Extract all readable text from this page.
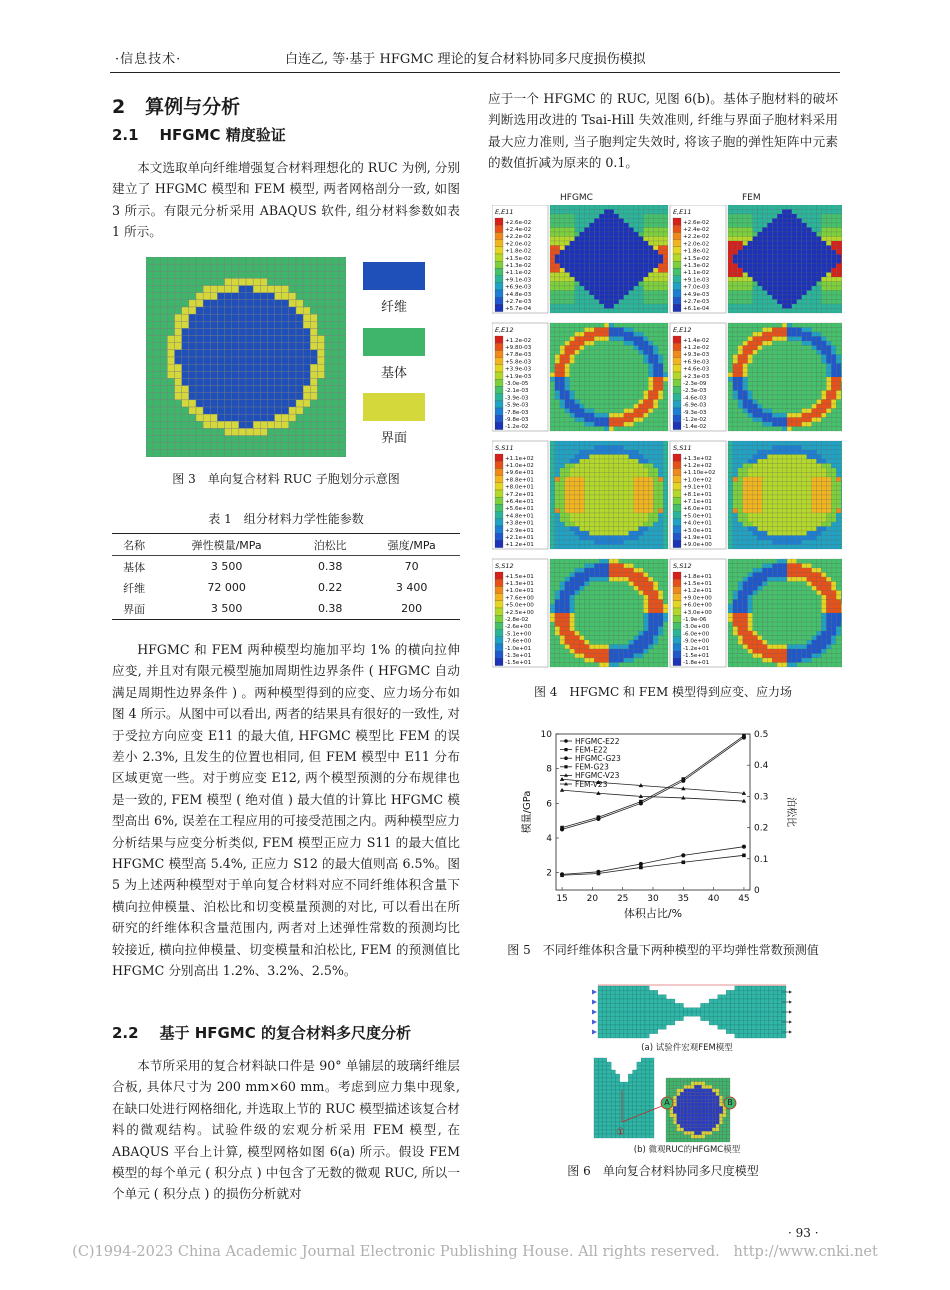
·信息技术·	白连乙, 等·基于 HFGMC 理论的复合材料协同多尺度损伤模拟
2 算例与分析
2.1 HFGMC 精度验证

本文选取单向纤维增强复合材料理想化的 RUC 为例, 分别建立了 HFGMC 模型和 FEM 模型, 两者网格剖分一致, 如图 3 所示。有限元分析采用 ABAQUS 软件, 组分材料参数如表 1 所示。

纤维
基体
界面
图 3　单向复合材料 RUC 子胞划分示意图
表 1　组分材料力学性能参数
名称	弹性模量/MPa	泊松比	强度/MPa
基体	3 500	0.38	70
纤维	72 000	0.22	3 400
界面	3 500	0.38	200

HFGMC 和 FEM 两种模型均施加平均 1% 的横向拉伸应变, 并且对有限元模型施加周期性边界条件 ( HFGMC 自动满足周期性边界条件 ) 。两种模型得到的应变、应力场分布如图 4 所示。从图中可以看出, 两者的结果具有很好的一致性, 对于受拉方向应变 E11 的最大值, HFGMC 模型比 FEM 的误差小 2.3%, 且发生的位置也相同, 但 FEM 模型中 E11 分布区域更宽一些。对于剪应变 E12, 两个模型预测的分布规律也是一致的, FEM 模型 ( 绝对值 ) 最大值的计算比 HFGMC 模型高出 6%, 误差在工程应用的可接受范围之内。两种模型应力分析结果与应变分析类似, FEM 模型正应力 S11 的最大值比 HFGMC 模型高 5.4%, 正应力 S12 的最大值则高 6.5%。图 5 为上述两种模型对于单向复合材料对应不同纤维体积含量下横向拉伸模量、泊松比和切变模量预测的对比, 可以看出在所研究的纤维体积含量范围内, 两者对上述弹性常数的预测均比较接近, 横向拉伸模量、切变模量和泊松比, FEM 的预测值比 HFGMC 分别高出 1.2%、3.2%、2.5%。

2.2 基于 HFGMC 的复合材料多尺度分析

本节所采用的复合材料缺口件是 90° 单铺层的玻璃纤维层合板, 具体尺寸为 200 mm×60 mm。考虑到应力集中现象, 在缺口处进行网格细化, 并选取上节的 RUC 模型描述该复合材料的微观结构。试验件级的宏观分析采用 FEM 模型, 在 ABAQUS 平台上计算, 模型网格如图 6(a) 所示。假设 FEM 模型的每个单元 ( 积分点 ) 中包含了无数的微观 RUC, 所以一个单元 ( 积分点 ) 的损伤分析就对

应于一个 HFGMC 的 RUC, 见图 6(b)。基体子胞材料的破坏判断选用改进的 Tsai-Hill 失效准则, 纤维与界面子胞材料采用最大应力准则, 当子胞判定失效时, 将该子胞的弹性矩阵中元素的数值折减为原来的 0.1。

HFGMC	FEM
E,E11
+2.6e-02
+2.4e-02
+2.2e-02
+2.0e-02
+1.8e-02
+1.5e-02
+1.3e-02
+1.1e-02
+9.1e-03
+6.9e-03
+4.8e-03
+2.7e-03
+5.7e-04
E,E11
+2.6e-02
+2.4e-02
+2.2e-02
+2.0e-02
+1.8e-02
+1.5e-02
+1.3e-02
+1.1e-02
+9.1e-03
+7.0e-03
+4.9e-03
+2.7e-03
+6.1e-04
E,E12
+1.2e-02
+9.80-03
+7.8e-03
+5.8e-03
+3.9e-03
+1.9e-03
-3.0e-05
-2.1e-03
-3.9e-03
-5.9e-03
-7.8e-03
-9.8e-03
-1.2e-02
E,E12
+1.4e-02
+1.2e-02
+9.3e-03
+6.9e-03
+4.6e-03
+2.3e-03
-2.3e-09
-2.3e-03
-4.6e-03
-6.9e-03
-9.3e-03
-1.2e-02
-1.4e-02
S,S11
+1.1e+02
+1.0e+02
+9.6e+01
+8.8e+01
+8.0e+01
+7.2e+01
+6.4e+01
+5.6e+01
+4.8e+01
+3.8e+01
+2.9e+01
+2.1e+01
+1.2e+01
S,S11
+1.3e+02
+1.2e+02
+1.10e+02
+1.0e+02
+9.1e+01
+8.1e+01
+7.1e+01
+6.0e+01
+5.0e+01
+4.0e+01
+3.0e+01
+1.9e+01
+9.0e+00
S,S12
+1.5e+01
+1.3e+01
+1.0e+01
+7.6e+00
+5.0e+00
+2.5e+00
-2.8e-02
-2.6e+00
-5.1e+00
-7.6e+00
-1.0e+01
-1.3e+01
-1.5e+01
S,S12
+1.8e+01
+1.5e+01
+1.2e+01
+9.0e+00
+6.0e+00
+3.0e+00
-1.9e-06
-3.0e+00
-6.0e+00
-9.0e+00
-1.2e+01
-1.5e+01
-1.8e+01
图 4　HFGMC 和 FEM 模型得到应变、应力场
15 20 25 30 35 40 45
2
4
6
8
10
0
0.1
0.2
0.3
0.4
0.5
体积占比/%
模量/GPa	泊松比
HFGMC-E22
FEM-E22
HFGMC-G23
FEM-G23
HFGMC-V23
FEM-V23
图 5　不同纤维体积含量下两种模型的平均弹性常数预测值
(a) 试验件宏观FEM模型
(b) 微观RUC的HFGMC模型
A	B
①
图 6　单向复合材料协同多尺度模型
· 93 ·
(C)1994-2023 China Academic Journal Electronic Publishing House. All rights reserved.   http://www.cnki.net
